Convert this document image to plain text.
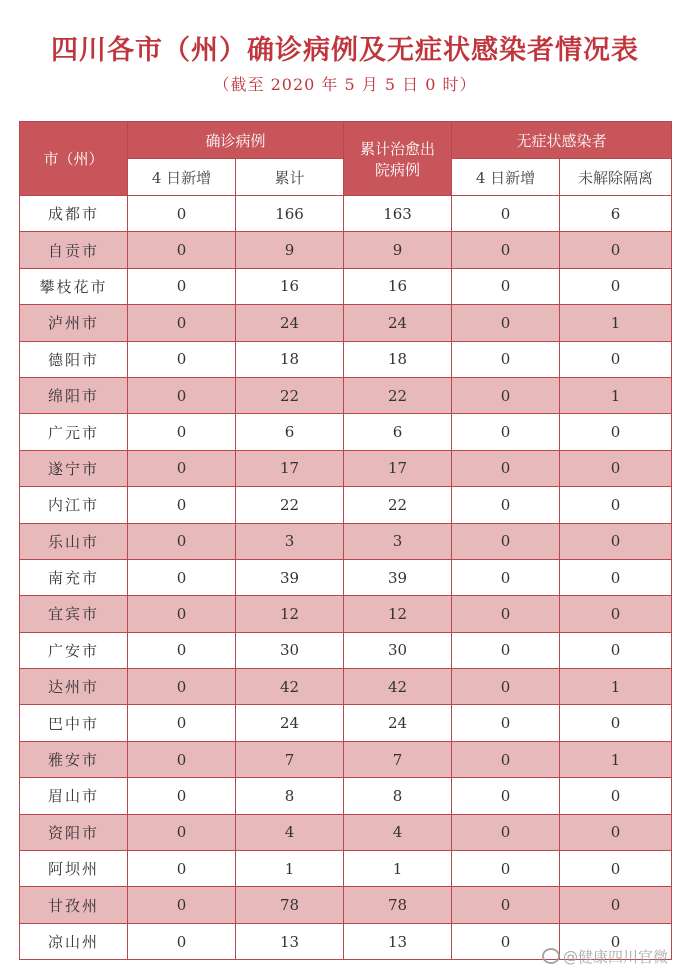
四川各市（州）确诊病例及无症状感染者情况表
（截至 2020 年 5 月 5 日 0 时）
市（州）	确诊病例		累计治愈出院病例	无症状感染者	
	4 日新增	累计		4 日新增	未解除隔离
成都市	0	166	163	0	6
自贡市	0	9	9	0	0
攀枝花市	0	16	16	0	0
泸州市	0	24	24	0	1
德阳市	0	18	18	0	0
绵阳市	0	22	22	0	1
广元市	0	6	6	0	0
遂宁市	0	17	17	0	0
内江市	0	22	22	0	0
乐山市	0	3	3	0	0
南充市	0	39	39	0	0
宜宾市	0	12	12	0	0
广安市	0	30	30	0	0
达州市	0	42	42	0	1
巴中市	0	24	24	0	0
雅安市	0	7	7	0	1
眉山市	0	8	8	0	0
资阳市	0	4	4	0	0
阿坝州	0	1	1	0	0
甘孜州	0	78	78	0	0
凉山州	0	13	13	0	0
@健康四川官微
